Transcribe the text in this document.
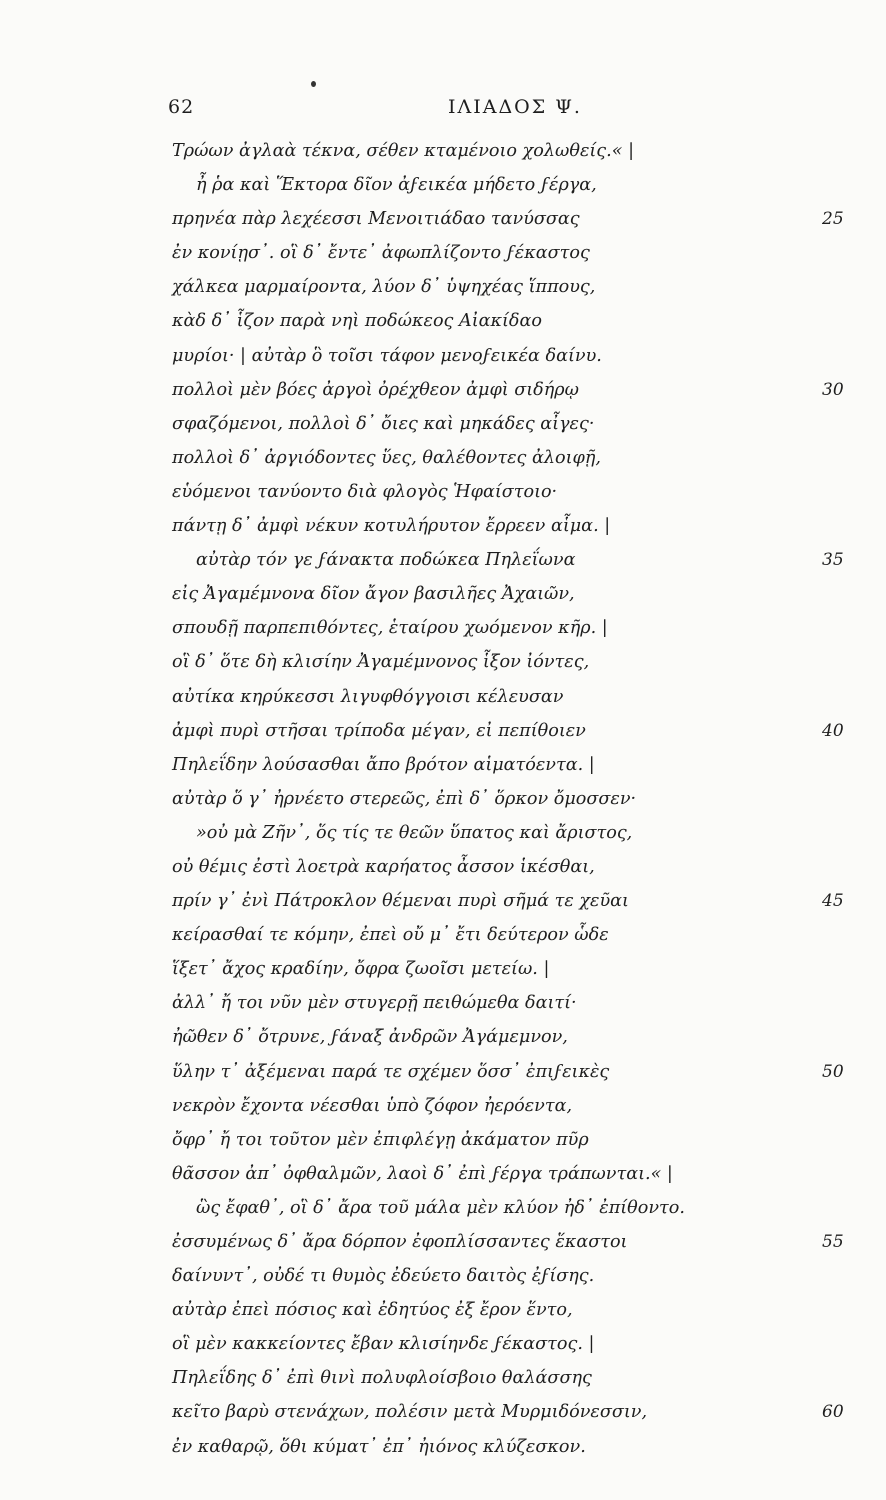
62	ΙΛΙΑΔΟΣ Ψ.
Τρώων ἀγλαὰ τέκνα, σέθεν κταμένοιο χολωθείς.« |
ἦ ῥα καὶ Ἕκτορα δῖον ἀϝεικέα μήδετο ϝέργα,
πρηνέα πὰρ λεχέεσσι Μενοιτιάδαο τανύσσας	25
ἐν κονίῃσ᾽. οἳ δ᾽ ἔντε᾽ ἀφωπλίζοντο ϝέκαστος
χάλκεα μαρμαίροντα, λύον δ᾽ ὑψηχέας ἵππους,
κὰδ δ᾽ ἷζον παρὰ νηὶ ποδώκεος Αἰακίδαο
μυρίοι· | αὐτὰρ ὃ τοῖσι τάφον μενοϝεικέα δαίνυ.
πολλοὶ μὲν βόες ἀργοὶ ὀρέχθεον ἀμφὶ σιδήρῳ	30
σφαζόμενοι, πολλοὶ δ᾽ ὄιες καὶ μηκάδες αἶγες·
πολλοὶ δ᾽ ἀργιόδοντες ὕες, θαλέθοντες ἀλοιφῇ,
εὑόμενοι τανύοντο διὰ φλογὸς Ἡφαίστοιο·
πάντῃ δ᾽ ἀμφὶ νέκυν κοτυλήρυτον ἔρρεεν αἷμα. |
αὐτὰρ τόν γε ϝάνακτα ποδώκεα Πηλεΐωνα	35
εἰς Ἀγαμέμνονα δῖον ἄγον βασιλῆες Ἀχαιῶν,
σπουδῇ παρπεπιθόντες, ἑταίρου χωόμενον κῆρ. |
οἳ δ᾽ ὅτε δὴ κλισίην Ἀγαμέμνονος ἷξον ἰόντες,
αὐτίκα κηρύκεσσι λιγυφθόγγοισι κέλευσαν
ἀμφὶ πυρὶ στῆσαι τρίποδα μέγαν, εἰ πεπίθοιεν	40
Πηλεΐδην λούσασθαι ἄπο βρότον αἱματόεντα. |
αὐτὰρ ὅ γ᾽ ἠρνέετο στερεῶς, ἐπὶ δ᾽ ὅρκον ὄμοσσεν·
»οὐ μὰ Ζῆν᾽, ὅς τίς τε θεῶν ὕπατος καὶ ἄριστος,
οὐ θέμις ἐστὶ λοετρὰ καρήατος ἆσσον ἱκέσθαι,
πρίν γ᾽ ἐνὶ Πάτροκλον θέμεναι πυρὶ σῆμά τε χεῦαι	45
κείρασθαί τε κόμην, ἐπεὶ οὔ μ᾽ ἔτι δεύτερον ὧδε
ἵξετ᾽ ἄχος κραδίην, ὄφρα ζωοῖσι μετείω. |
ἀλλ᾽ ἤ τοι νῦν μὲν στυγερῇ πειθώμεθα δαιτί·
ἠῶθεν δ᾽ ὄτρυνε, ϝάναξ ἀνδρῶν Ἀγάμεμνον,
ὕλην τ᾽ ἀξέμεναι παρά τε σχέμεν ὅσσ᾽ ἐπιϝεικὲς	50
νεκρὸν ἔχοντα νέεσθαι ὑπὸ ζόφον ἠερόεντα,
ὄφρ᾽ ἤ τοι τοῦτον μὲν ἐπιφλέγῃ ἀκάματον πῦρ
θᾶσσον ἀπ᾽ ὀφθαλμῶν, λαοὶ δ᾽ ἐπὶ ϝέργα τράπωνται.« |
ὣς ἔφαθ᾽, οἳ δ᾽ ἄρα τοῦ μάλα μὲν κλύον ἠδ᾽ ἐπίθοντο.
ἐσσυμένως δ᾽ ἄρα δόρπον ἐφοπλίσσαντες ἕκαστοι	55
δαίνυντ᾽, οὐδέ τι θυμὸς ἐδεύετο δαιτὸς ἐϝίσης.
αὐτὰρ ἐπεὶ πόσιος καὶ ἐδητύος ἐξ ἔρον ἕντο,
οἳ μὲν κακκείοντες ἔβαν κλισίηνδε ϝέκαστος. |
Πηλεΐδης δ᾽ ἐπὶ θινὶ πολυφλοίσβοιο θαλάσσης
κεῖτο βαρὺ στενάχων, πολέσιν μετὰ Μυρμιδόνεσσιν,	60
ἐν καθαρῷ, ὅθι κύματ᾽ ἐπ᾽ ἠιόνος κλύζεσκον.
